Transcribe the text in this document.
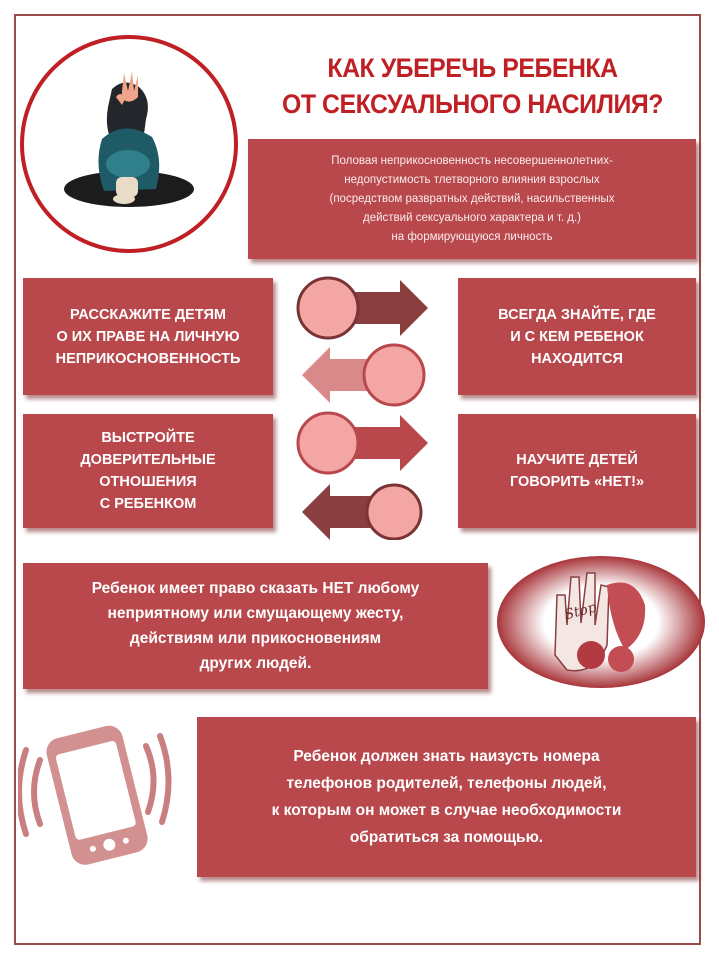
КАК УБЕРЕЧЬ РЕБЕНКА
ОТ СЕКСУАЛЬНОГО НАСИЛИЯ?
Половая неприкосновенность несовершеннолетних-
недопустимость тлетворного влияния взрослых
(посредством развратных действий, насильственных
действий сексуального характера и т. д.)
на формирующуюся личность
РАССКАЖИТЕ ДЕТЯМ
О ИХ ПРАВЕ НА ЛИЧНУЮ
НЕПРИКОСНОВЕННОСТЬ
ВСЕГДА ЗНАЙТЕ, ГДЕ
И С КЕМ РЕБЕНОК
НАХОДИТСЯ
ВЫСТРОЙТЕ
ДОВЕРИТЕЛЬНЫЕ
ОТНОШЕНИЯ
С РЕБЕНКОМ
НАУЧИТЕ ДЕТЕЙ
ГОВОРИТЬ «НЕТ!»
Ребенок имеет право сказать НЕТ любому
неприятному или смущающему жесту,
действиям или прикосновениям
других людей.
Stop
Ребенок должен знать наизусть номера
телефонов родителей, телефоны людей,
к которым он может в случае необходимости
обратиться за помощью.
